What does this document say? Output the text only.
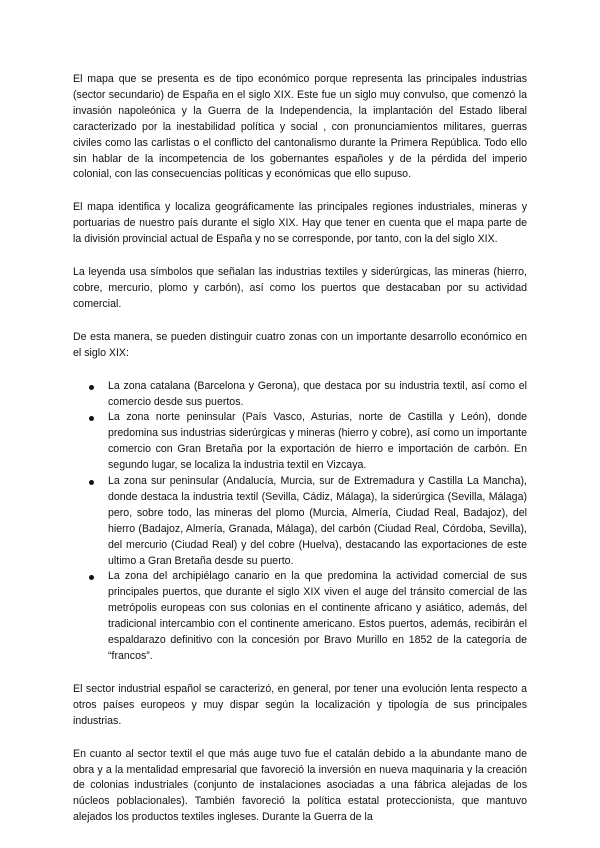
El mapa que se presenta es de tipo económico porque representa las principales industrias (sector secundario) de España en el siglo XIX. Este fue un siglo muy convulso, que comenzó la invasión napoleónica y la Guerra de la Independencia, la implantación del Estado liberal caracterizado por la inestabilidad política y social , con pronunciamientos militares, guerras civiles como las carlistas o el conflicto del cantonalismo durante la Primera República. Todo ello sin hablar de la incompetencia de los gobernantes españoles y de la pérdida del imperio colonial, con las consecuencias políticas y económicas que ello supuso.

El mapa identifica y localiza geográficamente las principales regiones industriales, mineras y portuarias de nuestro país durante el siglo XIX. Hay que tener en cuenta que el mapa parte de la división provincial actual de España y no se corresponde, por tanto, con la del siglo XIX.

La leyenda usa símbolos que señalan las industrias textiles y siderúrgicas, las mineras (hierro, cobre, mercurio, plomo y carbón), así como los puertos que destacaban por su actividad comercial.

De esta manera, se pueden distinguir cuatro zonas con un importante desarrollo económico en el siglo XIX:

La zona catalana (Barcelona y Gerona), que destaca por su industria textil, así como el comercio desde sus puertos.
La zona norte peninsular (País Vasco, Asturias, norte de Castilla y León), donde predomina sus industrias siderúrgicas y mineras (hierro y cobre), así como un importante comercio con Gran Bretaña por la exportación de hierro e importación de carbón. En segundo lugar, se localiza la industria textil en Vizcaya.
La zona sur peninsular (Andalucía, Murcia, sur de Extremadura y Castilla La Mancha), donde destaca la industria textil (Sevilla, Cádiz, Málaga), la siderúrgica (Sevilla, Málaga) pero, sobre todo, las mineras del plomo (Murcia, Almería, Ciudad Real, Badajoz), del hierro (Badajoz, Almería, Granada, Málaga), del carbón (Ciudad Real, Córdoba, Sevilla), del mercurio (Ciudad Real) y del cobre (Huelva), destacando las exportaciones de este ultimo a Gran Bretaña desde su puerto.
La zona del archipiélago canario en la que predomina la actividad comercial de sus principales puertos, que durante el siglo XIX viven el auge del tránsito comercial de las metrópolis europeas con sus colonias en el continente africano y asiático, además, del tradicional intercambio con el continente americano. Estos puertos, además, recibirán el espaldarazo definitivo con la concesión por Bravo Murillo en 1852 de la categoría de “francos”.

El sector industrial español se caracterizó, en general, por tener una evolución lenta respecto a otros países europeos y muy dispar según la localización y tipología de sus principales industrias.

En cuanto al sector textil el que más auge tuvo fue el catalán debido a la abundante mano de obra y a la mentalidad empresarial que favoreció la inversión en nueva maquinaria y la creación de colonias industriales (conjunto de instalaciones asociadas a una fábrica alejadas de los núcleos poblacionales). También favoreció la política estatal proteccionista, que mantuvo alejados los productos textiles ingleses. Durante la Guerra de la
